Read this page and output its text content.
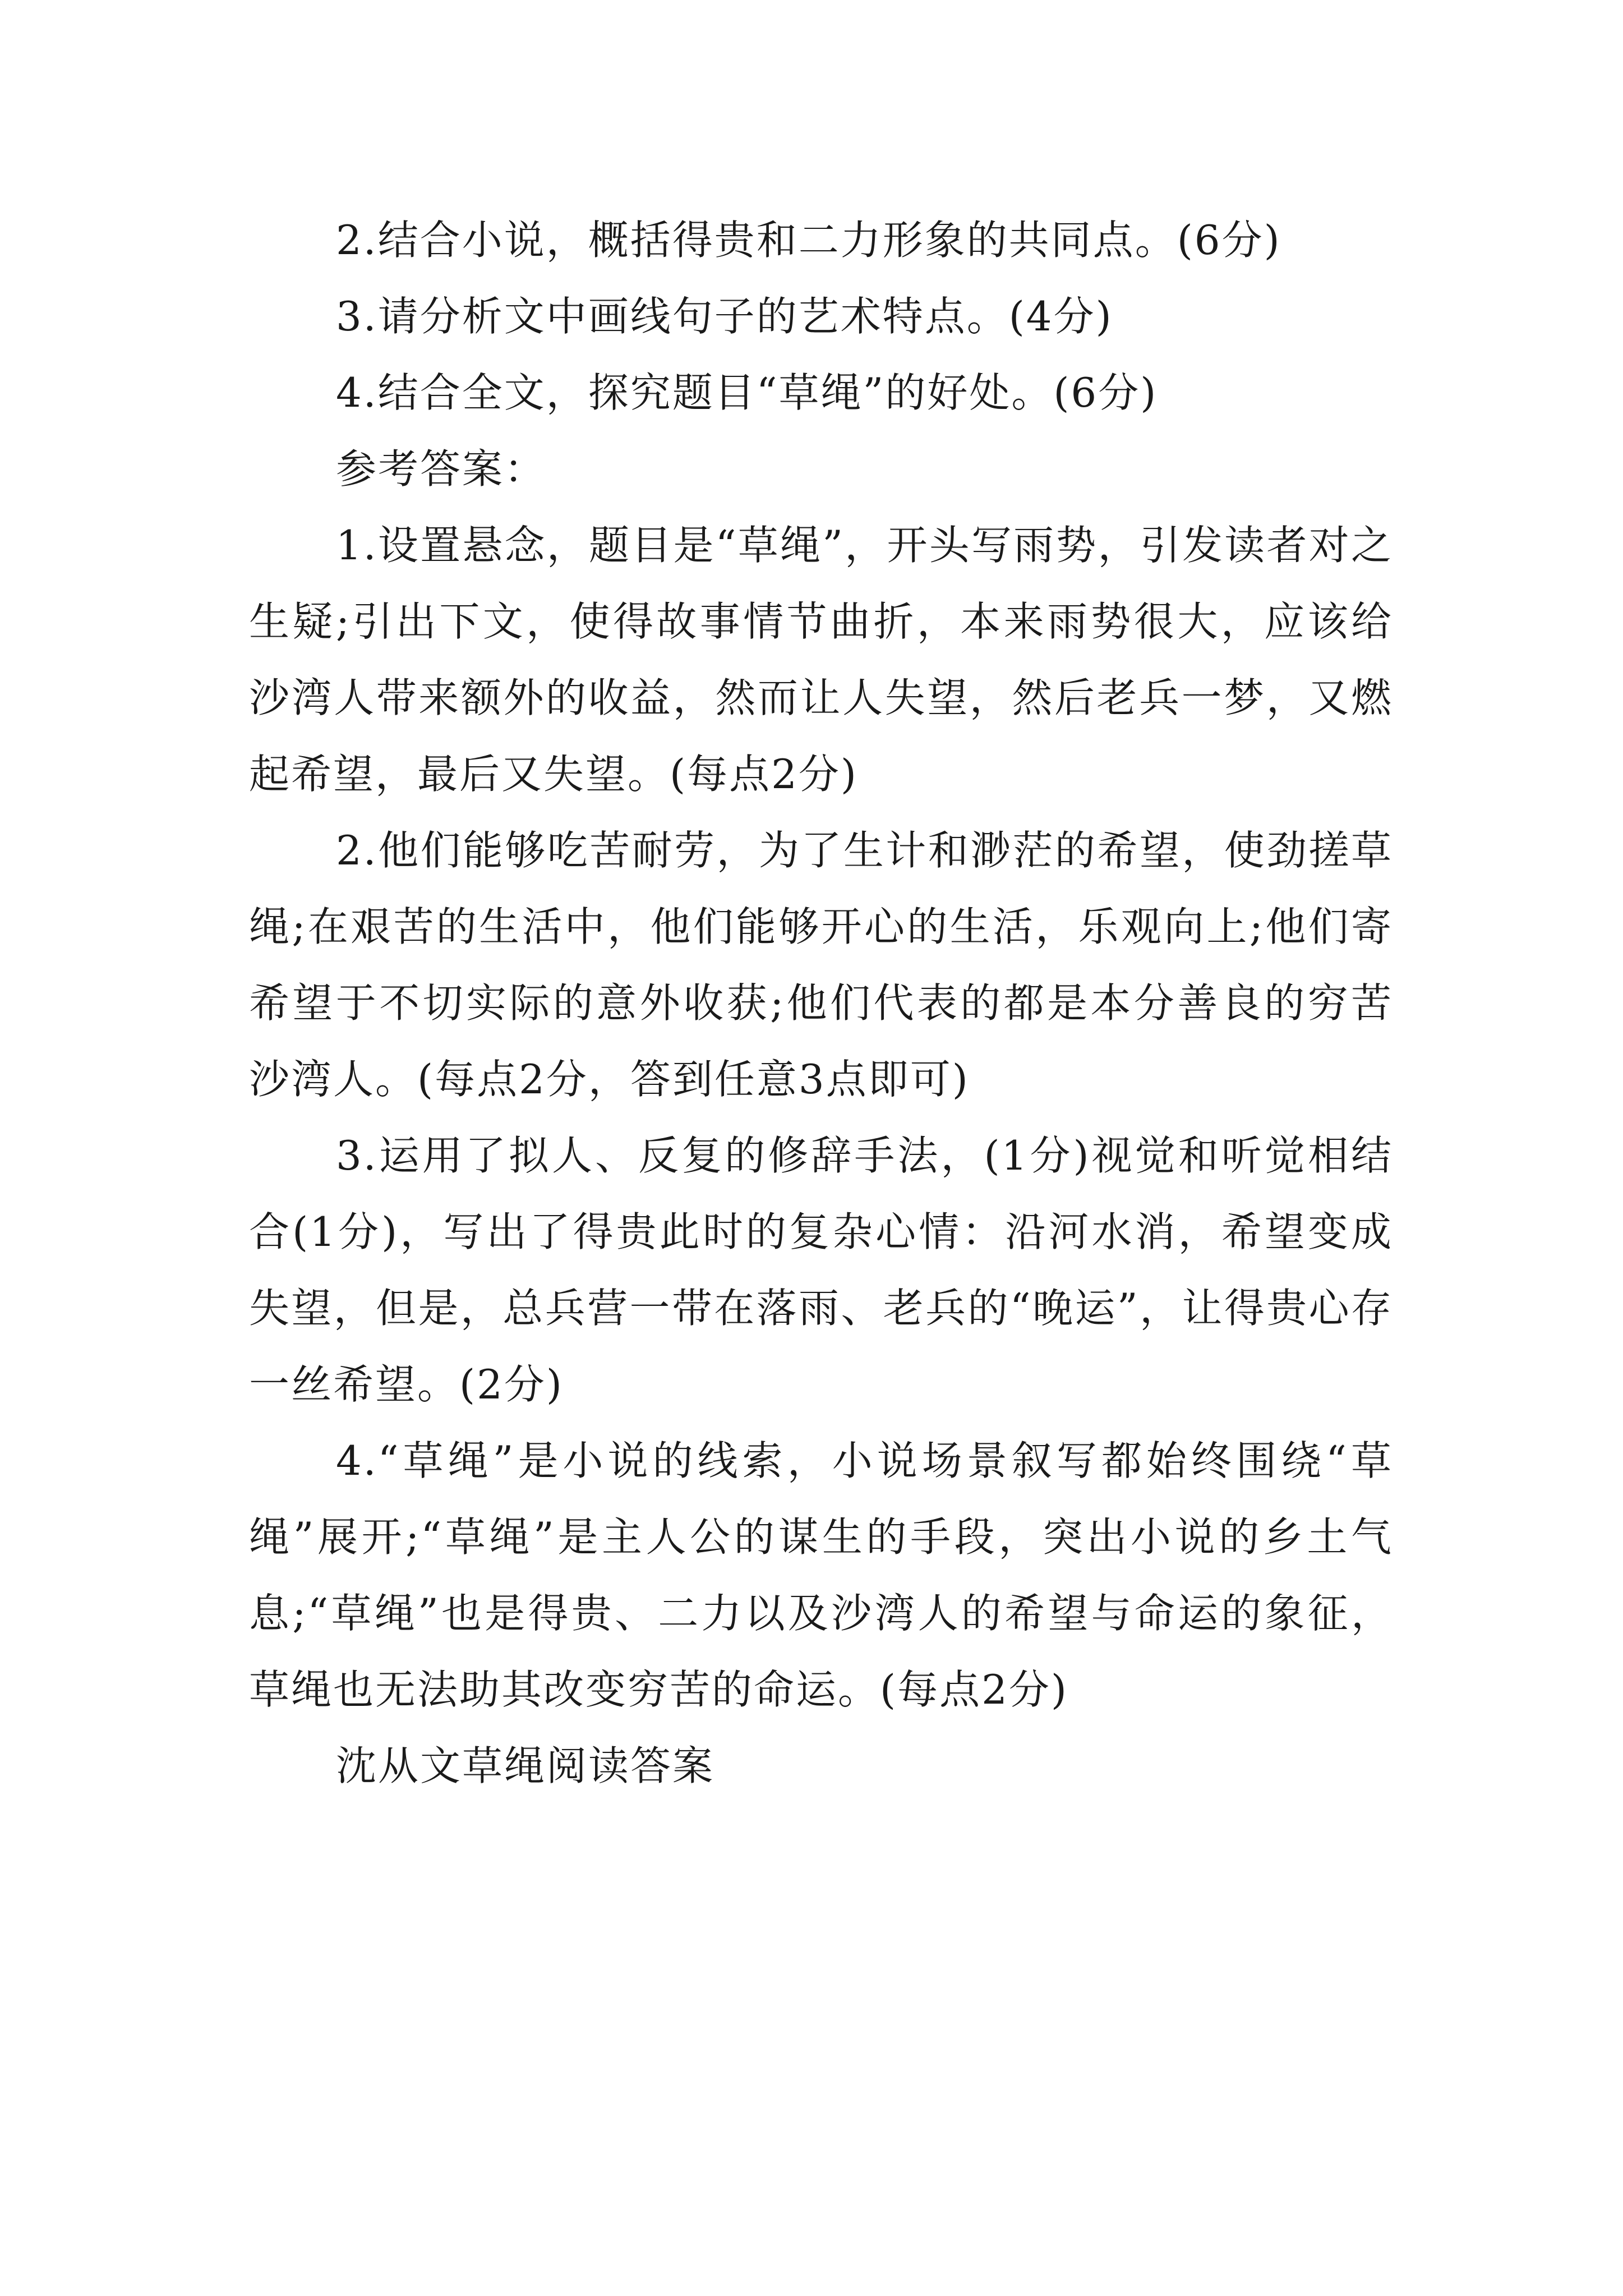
2.结合小说，概括得贵和二力形象的共同点。(6分)

3.请分析文中画线句子的艺术特点。(4分)

4.结合全文，探究题目“草绳”的好处。(6分)

参考答案：

1.设置悬念，题目是“草绳”，开头写雨势，引发读者对之生疑;引出下文，使得故事情节曲折，本来雨势很大，应该给沙湾人带来额外的收益，然而让人失望，然后老兵一梦，又燃起希望，最后又失望。(每点2分)

2.他们能够吃苦耐劳，为了生计和渺茫的希望，使劲搓草绳;在艰苦的生活中，他们能够开心的生活，乐观向上;他们寄希望于不切实际的意外收获;他们代表的都是本分善良的穷苦沙湾人。(每点2分，答到任意3点即可)

3.运用了拟人、反复的修辞手法，(1分)视觉和听觉相结合(1分)，写出了得贵此时的复杂心情：沿河水消，希望变成失望，但是，总兵营一带在落雨、老兵的“晚运”，让得贵心存一丝希望。(2分)

4.“草绳”是小说的线索，小说场景叙写都始终围绕“草绳”展开;“草绳”是主人公的谋生的手段，突出小说的乡土气息;“草绳”也是得贵、二力以及沙湾人的希望与命运的象征，草绳也无法助其改变穷苦的命运。(每点2分)

沈从文草绳阅读答案
